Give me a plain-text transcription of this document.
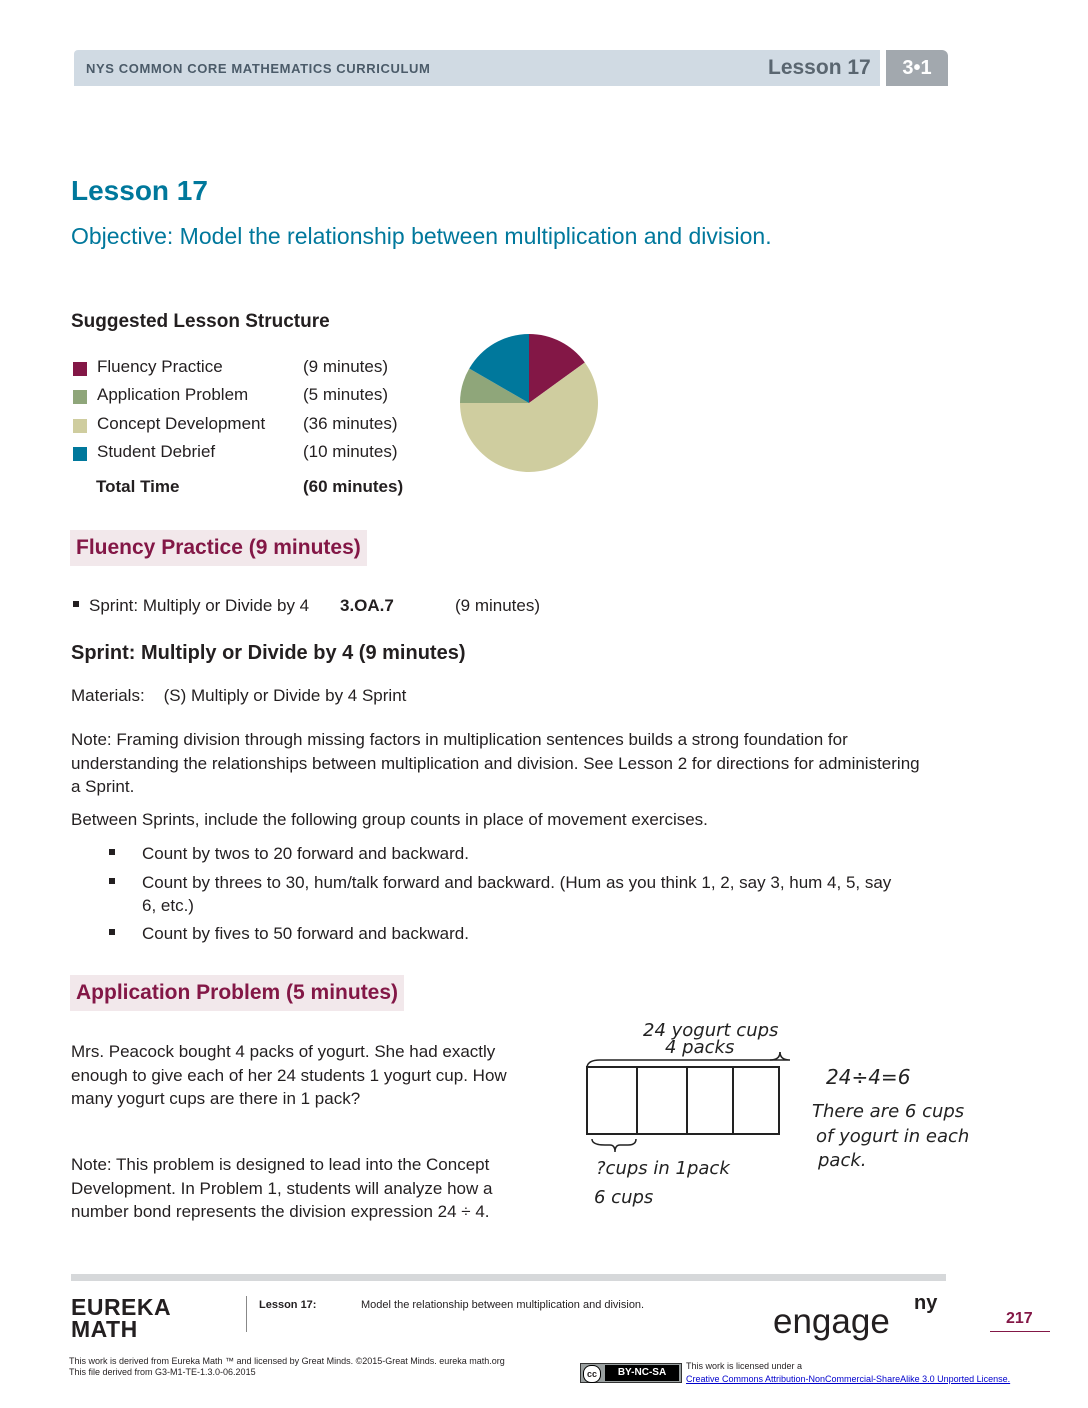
NYS COMMON CORE MATHEMATICS CURRICULUM	Lesson 17	3•1
Lesson 17
Objective: Model the relationship between multiplication and division.
Suggested Lesson Structure
Fluency Practice	(9 minutes)
Application Problem	(5 minutes)
Concept Development (36 minutes)
Student Debrief	(10 minutes)
Total Time	(60 minutes)
Fluency Practice (9 minutes)
Sprint: Multiply or Divide by 4 3.OA.7	(9 minutes)
Sprint: Multiply or Divide by 4 (9 minutes)
Materials:    (S) Multiply or Divide by 4 Sprint
Note: Framing division through missing factors in multiplication sentences builds a strong foundation for understanding the relationships between multiplication and division. See Lesson 2 for directions for administering a Sprint.
Between Sprints, include the following group counts in place of movement exercises.
Count by twos to 20 forward and backward.
Count by threes to 30, hum/talk forward and backward. (Hum as you think 1, 2, say 3, hum 4, 5, say
6, etc.)
Count by fives to 50 forward and backward.
Application Problem (5 minutes)
Mrs. Peacock bought 4 packs of yogurt. She had exactly enough to give each of her 24 students 1 yogurt cup. How many yogurt cups are there in 1 pack?
Note: This problem is designed to lead into the Concept Development. In Problem 1, students will analyze how a number bond represents the division expression 24 ÷ 4.
24 yogurt cups
4 packs
?cups in 1pack
6 cups
24÷4=6
There are 6 cups
of yogurt in each
pack.
EUREKA
MATH
Lesson 17:	Model the relationship between multiplication and division.	engage ny
217
This work is derived from Eureka Math ™ and licensed by Great Minds. ©2015-Great Minds. eureka math.org
This file derived from G3-M1-TE-1.3.0-06.2015	cc	BY-NC-SA
This work is licensed under a
Creative Commons Attribution-NonCommercial-ShareAlike 3.0 Unported License.
